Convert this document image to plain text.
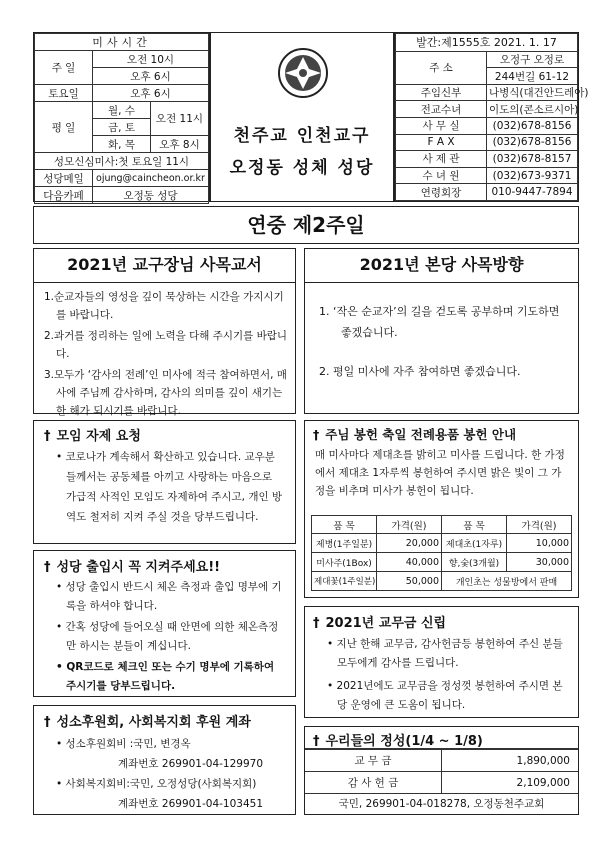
미사시간		
주 일	오전 10시	
	오후 6시	
토요일	오후 6시	
평 일	월, 수	오전 11시
	금, 토	
	화, 목	오후 8시
성모신심미사:첫 토요일 11시		
성당메일	ojung@caincheon.or.kr	
다음카페	오정동 성당	
천주교 인천교구
오정동 성체 성당
발간:제1555호 2021. 1. 17	
주 소	오정구 오정로
	244번길 61-12
주임신부	나병식(대건안드레아)
전교수녀	이도의(콘소르시아)
사 무 실	(032)678-8156
F A X	(032)678-8156
사 제 관	(032)678-8157
수 녀 원	(032)673-9371
연령회장	010-9447-7894
연중 제2주일
2021년 교구장님 사목교서
1.순교자들의 영성을 깊이 묵상하는 시간을 가지시기를 바랍니다.
2.과거를 정리하는 일에 노력을 다해 주시기를 바랍니다.
3.모두가 ‘감사의 전례’인 미사에 적극 참여하면서, 매사에 주님께 감사하며, 감사의 의미를 깊이 새기는 한 해가 되시기를 바랍니다.
2021년 본당 사목방향
1. ‘작은 순교자’의 길을 걷도록 공부하며 기도하면 좋겠습니다.
2. 평일 미사에 자주 참여하면 좋겠습니다.
† 모임 자제 요청
• 코로나가 계속해서 확산하고 있습니다. 교우분들께서는 공동체를 아끼고 사랑하는 마음으로 가급적 사적인 모임도 자제하여 주시고, 개인 방역도 철저히 지켜 주실 것을 당부드립니다.
† 성당 출입시 꼭 지켜주세요!!
• 성당 출입시 반드시 체온 측정과 출입 명부에 기록을 하셔야 합니다.
• 간혹 성당에 들어오실 때 안면에 의한 체온측정만 하시는 분들이 계십니다.
• QR코드로 체크인 또는 수기 명부에 기록하여 주시기를 당부드립니다.
† 성소후원회, 사회복지회 후원 계좌
• 성소후원회비 :국민, 변경옥
계좌번호 269901-04-129970
• 사회복지회비:국민, 오정성당(사회복지회)
계좌번호 269901-04-103451
† 주님 봉헌 축일 전례용품 봉헌 안내
매 미사마다 제대초를 밝히고 미사를 드립니다. 한 가정에서 제대초 1자루씩 봉헌하여 주시면 밝은 빛이 그 가정을 비추며 미사가 봉헌이 됩니다.
품 목	가격(원)	품 목	가격(원)
제병(1주일분)	20,000	제대초(1자루)	10,000
미사주(1Box)	40,000	향,숯(3개월)	30,000
제대꽃(1주일분)	50,000	개인초는 성물방에서 판매	
† 2021년 교무금 신립
• 지난 한해 교무금, 감사헌금등 봉헌하여 주신 분들 모두에게 감사를 드립니다.
• 2021년에도 교무금을 정성껏 봉헌하여 주시면 본당 운영에 큰 도움이 됩니다.
† 우리들의 정성(1/4 ~ 1/8)
교 무 금	1,890,000
감 사 헌 금	2,109,000
국민, 269901-04-018278, 오정동천주교회
